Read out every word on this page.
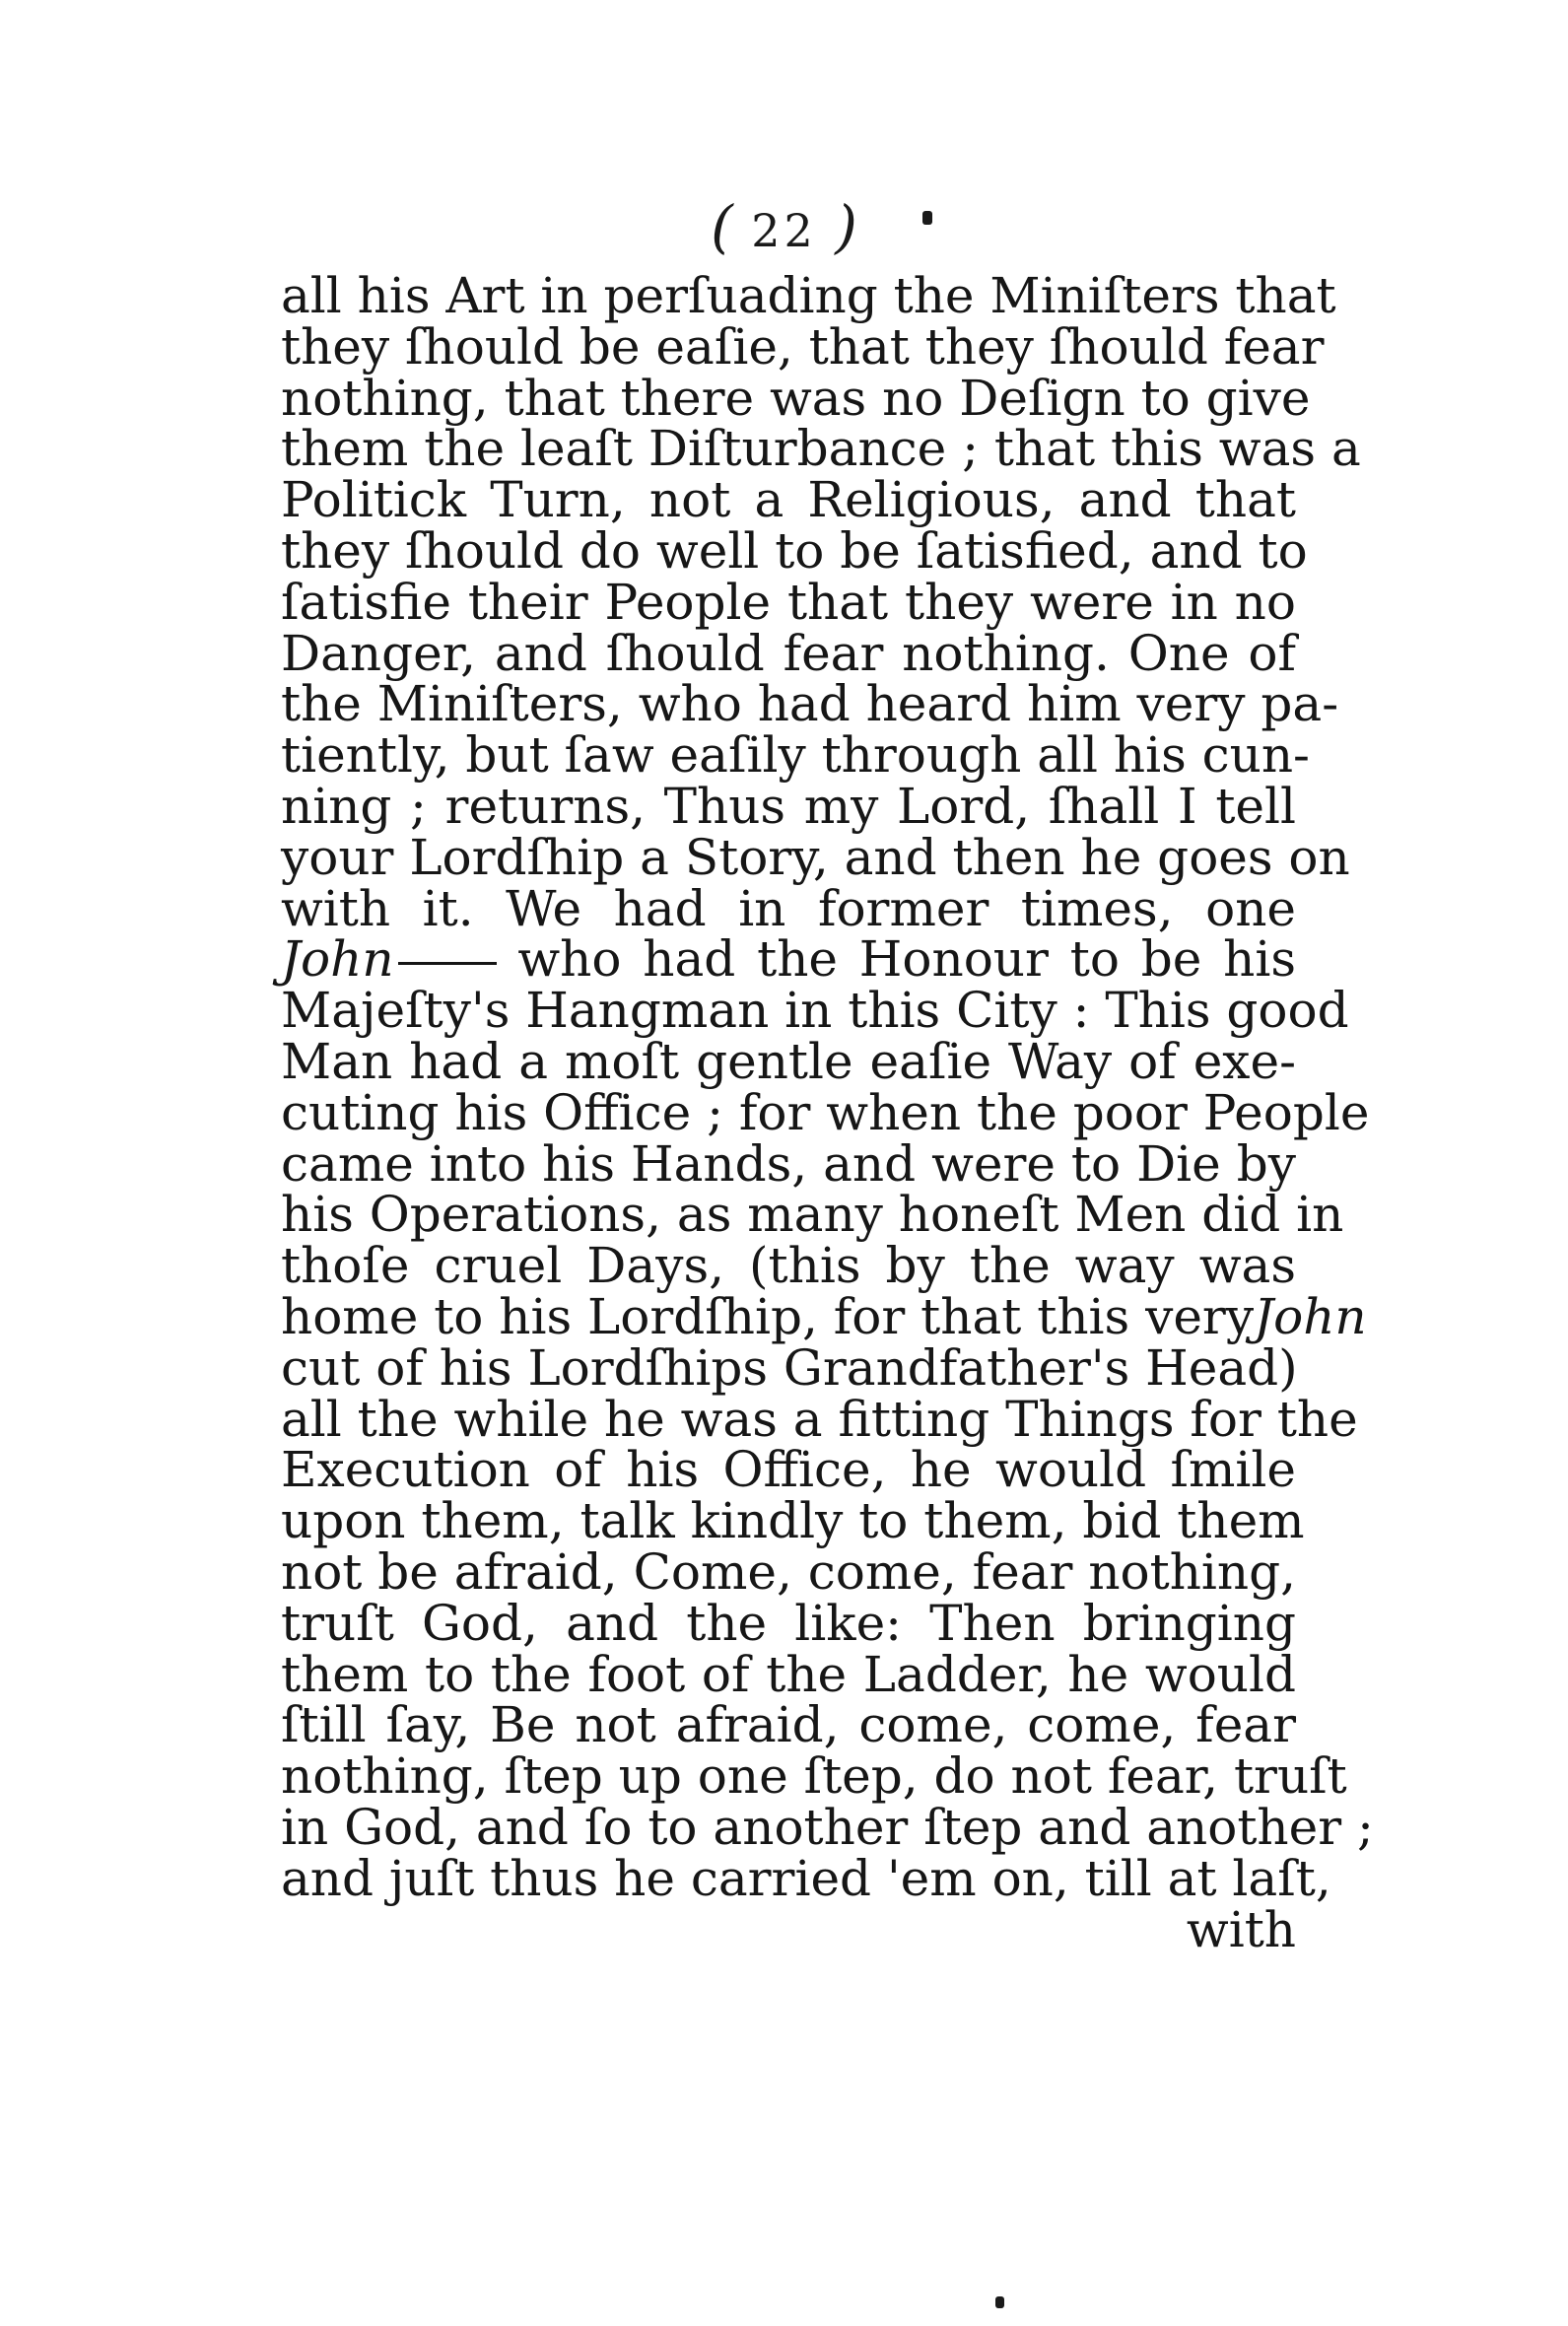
( 22 )
all his Art in perſuading the Miniſters that
they ſhould be eaſie, that they ſhould fear
nothing, that there was no Deſign to give
them the leaſt Diſturbance ; that this was a
Politick Turn, not a Religious, and that
they ſhould do well to be ſatisfied, and to
ſatisfie their People that they were in no
Danger, and ſhould fear nothing. One of
the Miniſters, who had heard him very pa-
tiently, but ſaw eaſily through all his cun-
ning ; returns, Thus my Lord, ſhall I tell
your Lordſhip a Story, and then he goes on
with it. We had in former times, one
John	who had the Honour to be his
Majeſty's Hangman in this City : This good
Man had a moſt gentle eaſie Way of exe-
cuting his Office ; for when the poor People
came into his Hands, and were to Die by
his Operations, as many honeſt Men did in
thoſe cruel Days, (this by the way was
home to his Lordſhip, for that this veryJohn
cut of his Lordſhips Grandfather's Head)
all the while he was a fitting Things for the
Execution of his Office, he would ſmile
upon them, talk kindly to them, bid them
not be afraid, Come, come, fear nothing,
truſt God, and the like: Then bringing
them to the foot of the Ladder, he would
ſtill ſay, Be not afraid, come, come, fear
nothing, ſtep up one ſtep, do not fear, truſt
in God, and ſo to another ſtep and another ;
and juſt thus he carried 'em on, till at laſt,
with
